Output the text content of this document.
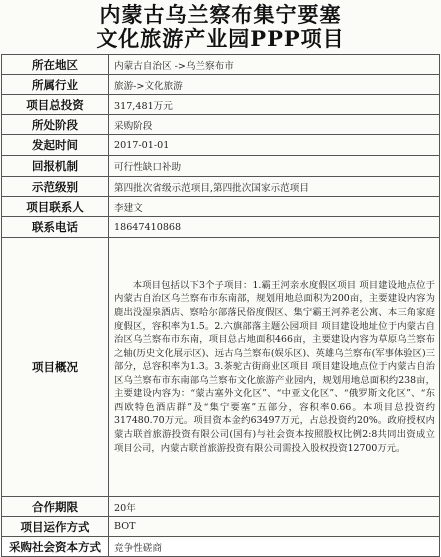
内蒙古乌兰察布集宁要塞
文化旅游产业园PPP项目
所在地区	内蒙古自治区 ->乌兰察布市
所属行业	旅游->文化旅游
项目总投资	317,481万元
所处阶段	采购阶段
发起时间	2017-01-01
回报机制	可行性缺口补助
示范级别	第四批次省级示范项目,第四批次国家示范项目
项目联系人	李建文
联系电话	18647410868
项目概况	本项目包括以下3个子项目：1.霸王河亲水度假区项目 项目建设地点位于内蒙古自治区乌兰察布市东南部，规划用地总面积为200亩，主要建设内容为鹿出没湿泉酒店、察哈尔部落民俗度假区、集宁霸王河养老公寓、本三角家庭度假区，容积率为1.5。2.六旗部落主题公园项目 项目建设地址位于内蒙古自治区乌兰察布市东南，项目总占地面积466亩，主要建设内容为草原乌兰察布之轴(历史文化展示区)、远古乌兰察布(娱乐区)、英雄乌兰察布(军事体验区)三部分，总容积率为1.3。3.茶驼古街商业区项目 项目建设地点位于内蒙古自治区乌兰察布市东南部乌兰察布文化旅游产业园内，规划用地总面积约238亩，主要建设内容为：“蒙古塞外文化区”、“中亚文化区”、“俄罗斯文化区”、“东西欧特色酒店群”及“集宁要塞”五部分，容积率0.66。本项目总投资约317480.70万元。项目资本金约63497万元，占总投资约20%。政府授权内蒙古联首旅游投资有限公司(国有)与社会资本按照股权比例2:8共同出资成立项目公司，内蒙古联首旅游投资有限公司需投入股权投资12700万元。
合作期限	20年
项目运作方式	BOT
采购社会资本方式	竞争性磋商
